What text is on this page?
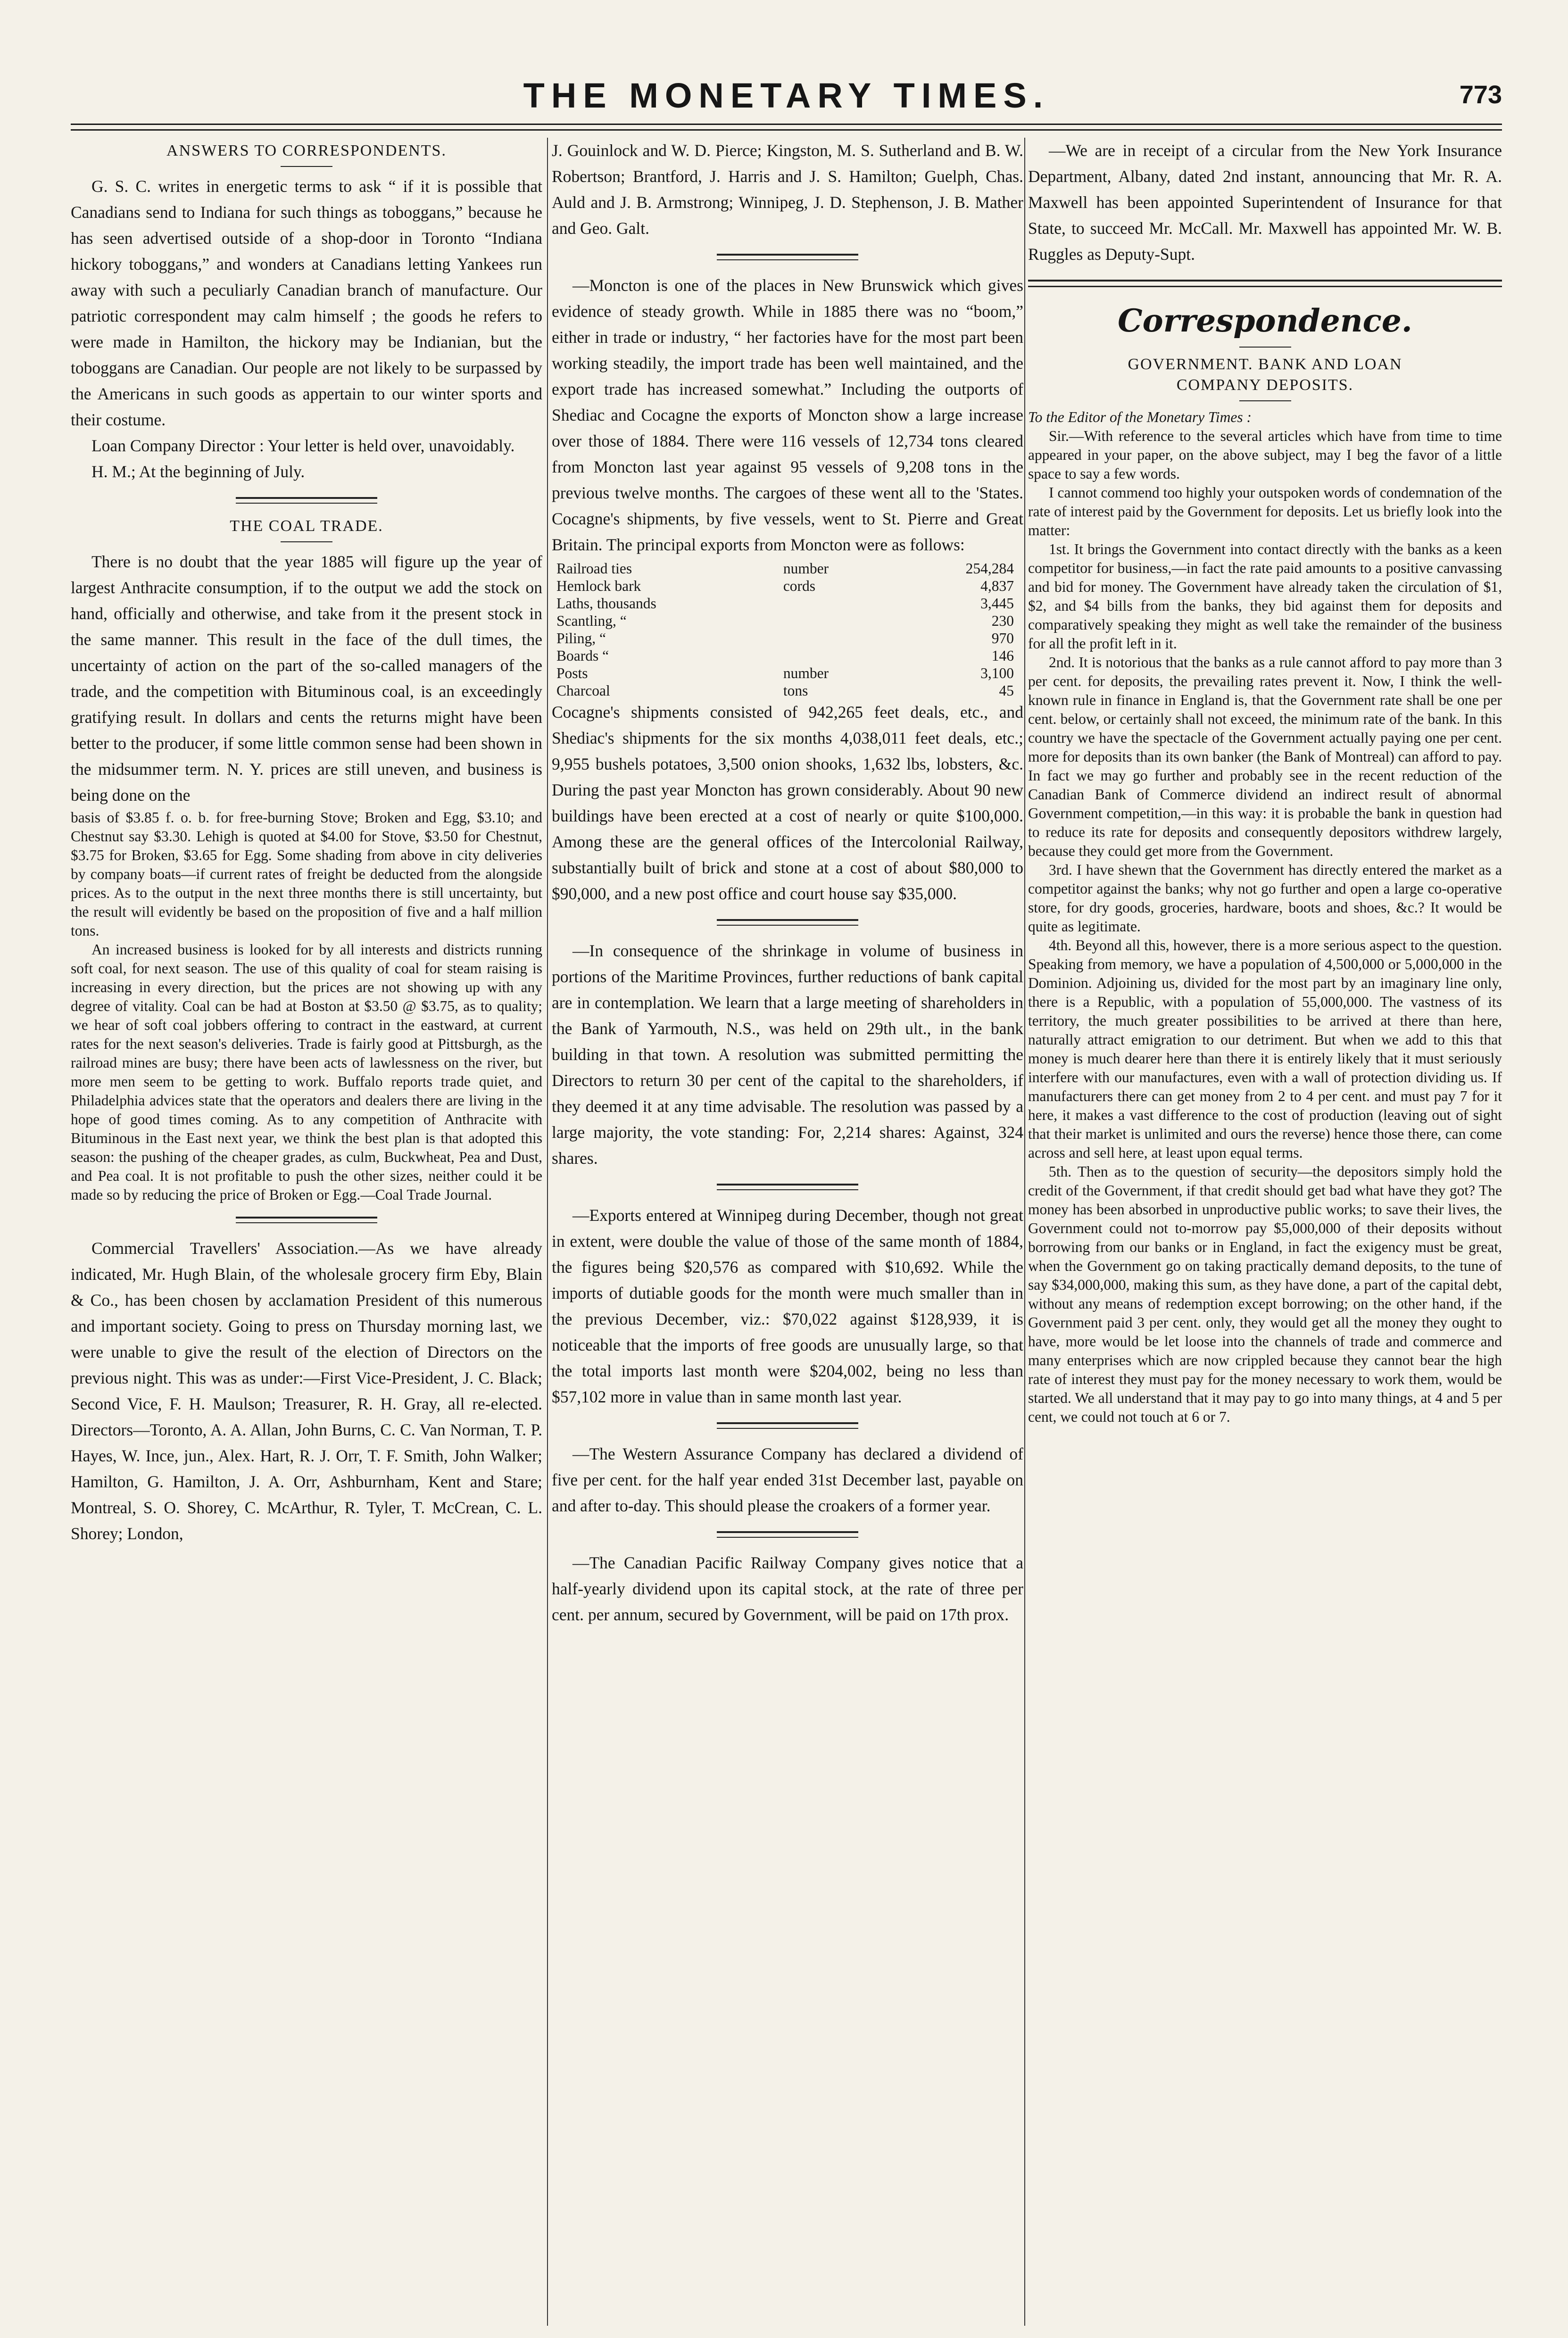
THE MONETARY TIMES.	773
ANSWERS TO CORRESPONDENTS.

G. S. C. writes in energetic terms to ask “ if it is possible that Canadians send to Indiana for such things as toboggans,” because he has seen advertised outside of a shop-door in Toronto “Indiana hickory toboggans,” and wonders at Canadians letting Yankees run away with such a peculiarly Canadian branch of manufacture. Our patriotic correspondent may calm himself ; the goods he refers to were made in Hamilton, the hickory may be Indianian, but the toboggans are Canadian. Our people are not likely to be surpassed by the Americans in such goods as appertain to our winter sports and their costume.

Loan Company Director : Your letter is held over, unavoidably.

H. M.; At the beginning of July.

THE COAL TRADE.

There is no doubt that the year 1885 will figure up the year of largest Anthracite consumption, if to the output we add the stock on hand, officially and otherwise, and take from it the present stock in the same manner. This result in the face of the dull times, the uncertainty of action on the part of the so-called managers of the trade, and the competition with Bituminous coal, is an exceedingly gratifying result. In dollars and cents the returns might have been better to the producer, if some little common sense had been shown in the midsummer term. N. Y. prices are still uneven, and business is being done on the

basis of $3.85 f. o. b. for free-burning Stove; Broken and Egg, $3.10; and Chestnut say $3.30. Lehigh is quoted at $4.00 for Stove, $3.50 for Chestnut, $3.75 for Broken, $3.65 for Egg. Some shading from above in city deliveries by company boats—if current rates of freight be deducted from the alongside prices. As to the output in the next three months there is still uncertainty, but the result will evidently be based on the proposition of five and a half million tons.

An increased business is looked for by all interests and districts running soft coal, for next season. The use of this quality of coal for steam raising is increasing in every direction, but the prices are not showing up with any degree of vitality. Coal can be had at Boston at $3.50 @ $3.75, as to quality; we hear of soft coal jobbers offering to contract in the eastward, at current rates for the next season's deliveries. Trade is fairly good at Pittsburgh, as the railroad mines are busy; there have been acts of lawlessness on the river, but more men seem to be getting to work. Buffalo reports trade quiet, and Philadelphia advices state that the operators and dealers there are living in the hope of good times coming. As to any competition of Anthracite with Bituminous in the East next year, we think the best plan is that adopted this season: the pushing of the cheaper grades, as culm, Buckwheat, Pea and Dust, and Pea coal. It is not profitable to push the other sizes, neither could it be made so by reducing the price of Broken or Egg.—Coal Trade Journal.

Commercial Travellers' Association.—As we have already indicated, Mr. Hugh Blain, of the wholesale grocery firm Eby, Blain & Co., has been chosen by acclamation President of this numerous and important society. Going to press on Thursday morning last, we were unable to give the result of the election of Directors on the previous night. This was as under:—First Vice-President, J. C. Black; Second Vice, F. H. Maulson; Treasurer, R. H. Gray, all re-elected. Directors—Toronto, A. A. Allan, John Burns, C. C. Van Norman, T. P. Hayes, W. Ince, jun., Alex. Hart, R. J. Orr, T. F. Smith, John Walker; Hamilton, G. Hamilton, J. A. Orr, Ashburnham, Kent and Stare; Montreal, S. O. Shorey, C. McArthur, R. Tyler, T. McCrean, C. L. Shorey; London,

J. Gouinlock and W. D. Pierce; Kingston, M. S. Sutherland and B. W. Robertson; Brantford, J. Harris and J. S. Hamilton; Guelph, Chas. Auld and J. B. Armstrong; Winnipeg, J. D. Stephenson, J. B. Mather and Geo. Galt.

—Moncton is one of the places in New Brunswick which gives evidence of steady growth. While in 1885 there was no “boom,” either in trade or industry, “ her factories have for the most part been working steadily, the import trade has been well maintained, and the export trade has increased somewhat.” Including the outports of Shediac and Cocagne the exports of Moncton show a large increase over those of 1884. There were 116 vessels of 12,734 tons cleared from Moncton last year against 95 vessels of 9,208 tons in the previous twelve months. The cargoes of these went all to the 'States. Cocagne's shipments, by five vessels, went to St. Pierre and Great Britain. The principal exports from Moncton were as follows:

Railroad ties	number	254,284
Hemlock bark	cords	4,837
Laths, thousands		3,445
Scantling, “		230
Piling, “		970
Boards “		146
Posts	number	3,100
Charcoal	tons	45

Cocagne's shipments consisted of 942,265 feet deals, etc., and Shediac's shipments for the six months 4,038,011 feet deals, etc.; 9,955 bushels potatoes, 3,500 onion shooks, 1,632 lbs, lobsters, &c. During the past year Moncton has grown considerably. About 90 new buildings have been erected at a cost of nearly or quite $100,000. Among these are the general offices of the Intercolonial Railway, substantially built of brick and stone at a cost of about $80,000 to $90,000, and a new post office and court house say $35,000.

—In consequence of the shrinkage in volume of business in portions of the Maritime Provinces, further reductions of bank capital are in contemplation. We learn that a large meeting of shareholders in the Bank of Yarmouth, N.S., was held on 29th ult., in the bank building in that town. A resolution was submitted permitting the Directors to return 30 per cent of the capital to the shareholders, if they deemed it at any time advisable. The resolution was passed by a large majority, the vote standing: For, 2,214 shares: Against, 324 shares.

—Exports entered at Winnipeg during December, though not great in extent, were double the value of those of the same month of 1884, the figures being $20,576 as compared with $10,692. While the imports of dutiable goods for the month were much smaller than in the previous December, viz.: $70,022 against $128,939, it is noticeable that the imports of free goods are unusually large, so that the total imports last month were $204,002, being no less than $57,102 more in value than in same month last year.

—The Western Assurance Company has declared a dividend of five per cent. for the half year ended 31st December last, payable on and after to-day. This should please the croakers of a former year.

—The Canadian Pacific Railway Company gives notice that a half-yearly dividend upon its capital stock, at the rate of three per cent. per annum, secured by Government, will be paid on 17th prox.

—We are in receipt of a circular from the New York Insurance Department, Albany, dated 2nd instant, announcing that Mr. R. A. Maxwell has been appointed Superintendent of Insurance for that State, to succeed Mr. McCall. Mr. Maxwell has appointed Mr. W. B. Ruggles as Deputy-Supt.

Correspondence.
GOVERNMENT. BANK AND LOAN
COMPANY DEPOSITS.

To the Editor of the Monetary Times :

Sir.—With reference to the several articles which have from time to time appeared in your paper, on the above subject, may I beg the favor of a little space to say a few words.

I cannot commend too highly your outspoken words of condemnation of the rate of interest paid by the Government for deposits. Let us briefly look into the matter:

1st. It brings the Government into contact directly with the banks as a keen competitor for business,—in fact the rate paid amounts to a positive canvassing and bid for money. The Government have already taken the circulation of $1, $2, and $4 bills from the banks, they bid against them for deposits and comparatively speaking they might as well take the remainder of the business for all the profit left in it.

2nd. It is notorious that the banks as a rule cannot afford to pay more than 3 per cent. for deposits, the prevailing rates prevent it. Now, I think the well-known rule in finance in England is, that the Government rate shall be one per cent. below, or certainly shall not exceed, the minimum rate of the bank. In this country we have the spectacle of the Government actually paying one per cent. more for deposits than its own banker (the Bank of Montreal) can afford to pay. In fact we may go further and probably see in the recent reduction of the Canadian Bank of Commerce dividend an indirect result of abnormal Government competition,—in this way: it is probable the bank in question had to reduce its rate for deposits and consequently depositors withdrew largely, because they could get more from the Government.

3rd. I have shewn that the Government has directly entered the market as a competitor against the banks; why not go further and open a large co-operative store, for dry goods, groceries, hardware, boots and shoes, &c.? It would be quite as legitimate.

4th. Beyond all this, however, there is a more serious aspect to the question. Speaking from memory, we have a population of 4,500,000 or 5,000,000 in the Dominion. Adjoining us, divided for the most part by an imaginary line only, there is a Republic, with a population of 55,000,000. The vastness of its territory, the much greater possibilities to be arrived at there than here, naturally attract emigration to our detriment. But when we add to this that money is much dearer here than there it is entirely likely that it must seriously interfere with our manufactures, even with a wall of protection dividing us. If manufacturers there can get money from 2 to 4 per cent. and must pay 7 for it here, it makes a vast difference to the cost of production (leaving out of sight that their market is unlimited and ours the reverse) hence those there, can come across and sell here, at least upon equal terms.

5th. Then as to the question of security—the depositors simply hold the credit of the Government, if that credit should get bad what have they got? The money has been absorbed in unproductive public works; to save their lives, the Government could not to-morrow pay $5,000,000 of their deposits without borrowing from our banks or in England, in fact the exigency must be great, when the Government go on taking practically demand deposits, to the tune of say $34,000,000, making this sum, as they have done, a part of the capital debt, without any means of redemption except borrowing; on the other hand, if the Government paid 3 per cent. only, they would get all the money they ought to have, more would be let loose into the channels of trade and commerce and many enterprises which are now crippled because they cannot bear the high rate of interest they must pay for the money necessary to work them, would be started. We all understand that it may pay to go into many things, at 4 and 5 per cent, we could not touch at 6 or 7.
